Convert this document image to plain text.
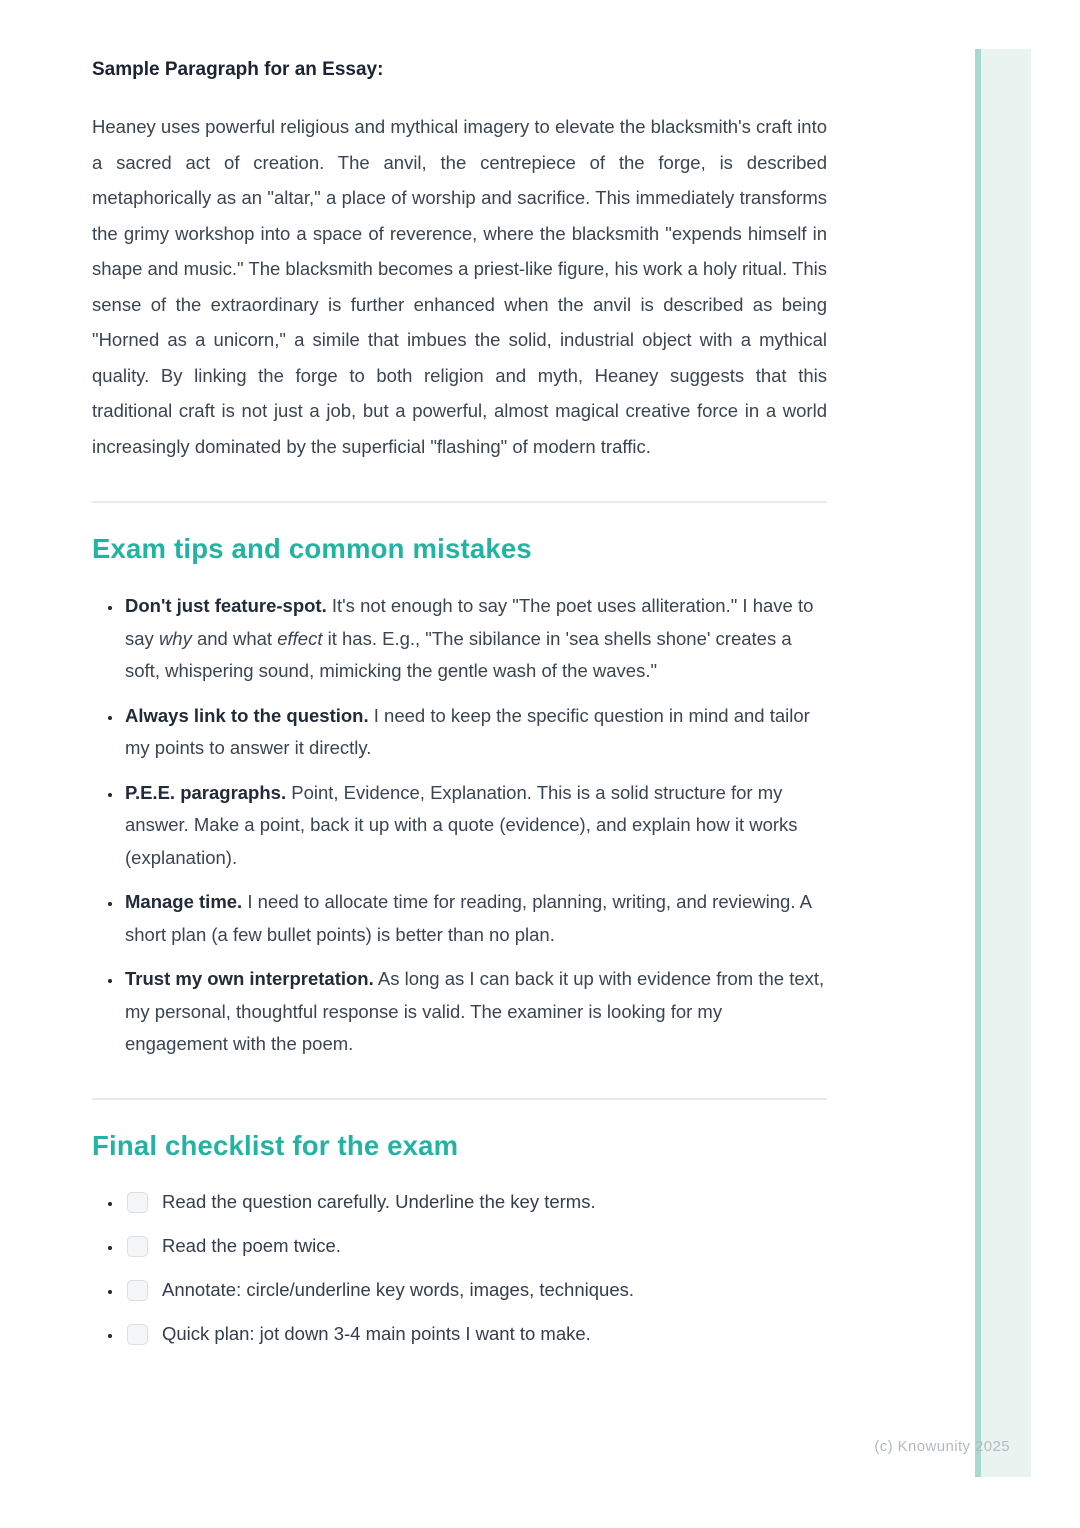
(c) Knowunity 2025
Sample Paragraph for an Essay:

Heaney uses powerful religious and mythical imagery to elevate the blacksmith's craft into a sacred act of creation. The anvil, the centrepiece of the forge, is described metaphorically as an "altar," a place of worship and sacrifice. This immediately transforms the grimy workshop into a space of reverence, where the blacksmith "expends himself in shape and music." The blacksmith becomes a priest-like figure, his work a holy ritual. This sense of the extraordinary is further enhanced when the anvil is described as being "Horned as a unicorn," a simile that imbues the solid, industrial object with a mythical quality. By linking the forge to both religion and myth, Heaney suggests that this traditional craft is not just a job, but a powerful, almost magical creative force in a world increasingly dominated by the superficial "flashing" of modern traffic.

Exam tips and common mistakes
• Don't just feature-spot. It's not enough to say "The poet uses alliteration." I have to say why and what effect it has. E.g., "The sibilance in 'sea shells shone' creates a soft, whispering sound, mimicking the gentle wash of the waves."
• Always link to the question. I need to keep the specific question in mind and tailor my points to answer it directly.
• P.E.E. paragraphs. Point, Evidence, Explanation. This is a solid structure for my answer. Make a point, back it up with a quote (evidence), and explain how it works (explanation).
• Manage time. I need to allocate time for reading, planning, writing, and reviewing. A short plan (a few bullet points) is better than no plan.
• Trust my own interpretation. As long as I can back it up with evidence from the text, my personal, thoughtful response is valid. The examiner is looking for my engagement with the poem.
Final checklist for the exam
• Read the question carefully. Underline the key terms.
• Read the poem twice.
• Annotate: circle/underline key words, images, techniques.
• Quick plan: jot down 3-4 main points I want to make.
